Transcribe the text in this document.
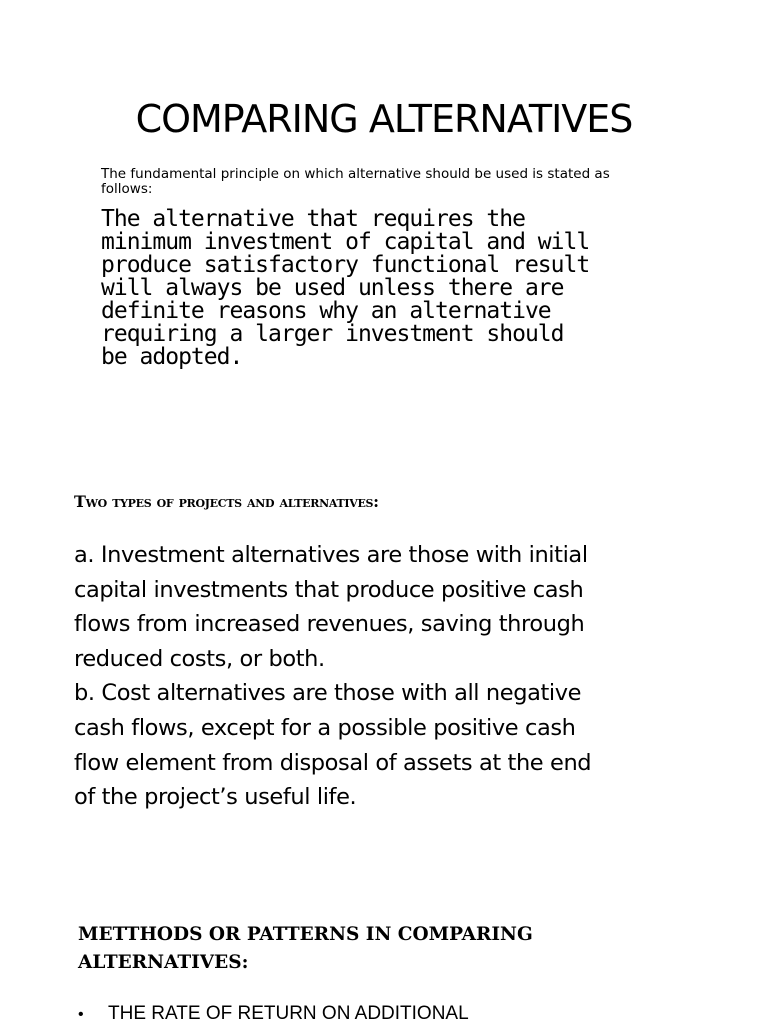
COMPARING ALTERNATIVES

The fundamental principle on which alternative should be used is stated as
follows:

The alternative that requires the
minimum investment of capital and will
produce satisfactory functional result
will always be used unless there are
definite reasons why an alternative
requiring a larger investment should
be adopted.

Two types of projects and alternatives:

a. Investment alternatives are those with initial
capital investments that produce positive cash
flows from increased revenues, saving through
reduced costs, or both.
b. Cost alternatives are those with all negative
cash flows, except for a possible positive cash
flow element from disposal of assets at the end
of the project’s useful life.

METTHODS OR PATTERNS IN COMPARING
ALTERNATIVES:

• THE RATE OF RETURN ON ADDITIONAL
